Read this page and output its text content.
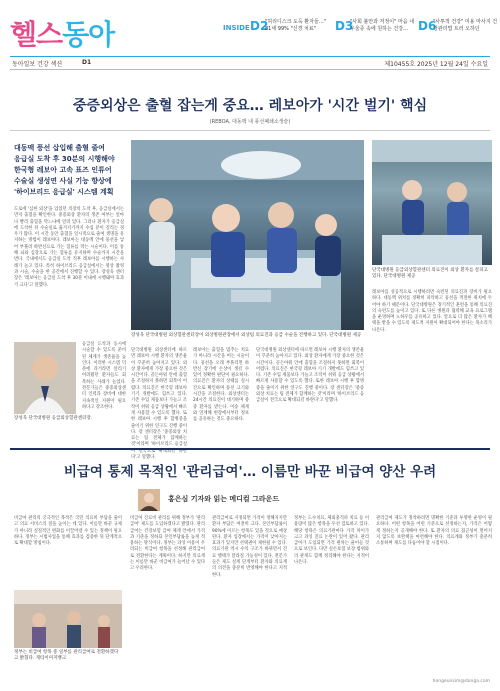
헬스동아	INSIDE D2
"허리디스크 도둑 환자들…" 81세 99% "신경 치료"	D3
"사회 불안과 걱정이" 마음 내 우울증 속에 원하는 건강… D6
"사투적 건강" 미용 마사지 건강관리법 트러 오하던
동아일보 건강 섹션	D1	제10455호 2025년 12월 24일 수요일
중증외상은 출혈 잡는게 중요… 레보아가 '시간 벌기' 핵심
(REBOA, 대동맥 내 풍선폐쇄소생술)
대동맥 풍선 삽입해 출혈 줄여
응급실 도착 후 30분의 시행해야
한국형 레보아 고속 표즈 인튜어
수술실 생성연 사실 기능 향상에
'하이브리드 응급실' 시스템 계획
도로에 '심한 외상'을 입었던 의장의 도착 후, 응급실에서는 먼저 출혈을 확인한다. 중증외상 환자의 생존 여부는 얼마나 빨리 출혈을 막느냐에 달려 있다. 그러나 환자가 응급실에 도착한 뒤 수술실로 옮겨지기까지 수십 분이 걸리는 경우가 많다. 이 시간 동안 출혈을 일시적으로 줄여 생명을 유지하는 방법이 레보아다. 레보아는 대동맥 안에 풍선을 넣어 부풀려 하반신으로 가는 혈류를 막는 시술이다. 이를 통해 뇌와 심장으로 가는 혈류를 유지하며 수술까지 시간을 번다. 국내에서도 응급실 도착 직후 레보아를 시행하는 사례가 늘고 있다. 특히 하이브리드 응급실에서는 영상 촬영과 시술, 수술을 한 공간에서 진행할 수 있다. 장성욱 센터장은 '레보아는 응급실 도착 후 30분 이내에 시행돼야 효과가 크다'고 말했다.
장성욱 단국대병원 외상혈관센터장이 외상병원관장에서 외상팀 의료진과 응급 수술을 진행하고 있다. 단국대병원 제공
단국대병원 응급외상혈관센터 의료진이 외상 환자를 살피고 있다. 단국대병원 제공
장성욱 단국대병원 응급외상혈관센터장.
응급실 도착과 동시에 시술할 수 있도록 준비된 체계가 생존율을 높인다. 이러한 시스템 덕분에 과거라면 살리기 어려웠던 환자들도 회복하는 사례가 늘었다. 전문가들은 중증외상센터 인력과 장비에 대한 지속적인 지원이 필요하다고 강조한다.
단국대병원 외상센터에 따르면 레보아 시행 환자의 생존율이 꾸준히 높아지고 있다. 외상 환자에게 가장 중요한 것은 시간이다. 골든아워 안에 출혈을 조절하지 못하면 회복이 어렵다. 의료진은 한국형 레보아 기기 개발에도 힘쓰고 있다. 기존 수입 제품보다 가늘고 조작이 쉬워 응급 상황에서 빠르게 사용할 수 있도록 했다. 또한 레보아 시행 후 합병증을 줄이기 위한 연구도 진행 중이다. 장 센터장은 '중증외상 치료는 팀 전체가 함께하는 것'이라며 '하이브리드 응급실이 전국으로 확대되길 바란다'고 말했다.
레보아는 출혈을 멈추는 치료가 아니라 시간을 버는 시술이다. 풍선을 오래 부풀리면 하반신 장기에 손상이 생길 수 있어 정확한 판단이 필요하다. 의료진은 환자의 상태를 실시간으로 확인하며 풍선 크기와 시간을 조절한다. 외상센터는 24시간 의료진이 대기하며 중증 환자를 받는다. 이송 체계와 연계해 현장에서부터 정보를 공유하는 것도 중요하다.
단국대병원 외상센터에 따르면 레보아 시행 환자의 생존율이 꾸준히 높아지고 있다. 외상 환자에게 가장 중요한 것은 시간이다. 골든아워 안에 출혈을 조절하지 못하면 회복이 어렵다. 의료진은 한국형 레보아 기기 개발에도 힘쓰고 있다. 기존 수입 제품보다 가늘고 조작이 쉬워 응급 상황에서 빠르게 사용할 수 있도록 했다. 또한 레보아 시행 후 합병증을 줄이기 위한 연구도 진행 중이다. 장 센터장은 '중증외상 치료는 팀 전체가 함께하는 것'이라며 '하이브리드 응급실이 전국으로 확대되길 바란다'고 말했다.
레보아를 성공적으로 시행하려면 숙련된 의료진과 장비가 필요하다. 대동맥 위치를 정확히 파악하고 풍선을 적절한 위치에 두어야 하기 때문이다. 단국대병원은 정기적인 훈련을 통해 의료진의 숙련도를 높이고 있다. 또 다른 병원과 협력해 교육 프로그램을 운영하며 노하우를 공유하고 있다. 앞으로 더 많은 환자가 혜택을 받을 수 있도록 제도적 지원이 확대되어야 한다는 목소리가 나온다.
비급여 통제 목적인 '관리급여'… 이름만 바꾼 비급여 양산 우려
홍은심 기자와 읽는 메디컬 그라운드
비급여 진료비 관리를 위해 정부가 '관리급여' 제도를 도입하겠다고 밝혔다. 관리급여는 건강보험 급여 체계 안에서 가격과 기준을 정하되 본인부담률을 높게 적용하는 방식이다. 정부는 과잉 이용이 우려되는 비급여 항목을 선정해 관리급여로 전환한다는 계획이다. 하지만 의료계는 이름만 바꾼 비급여가 늘어날 수 있다고 우려한다.
관리급여로 지정되면 가격이 정해지지만 환자 부담은 여전히 크다. 본인부담률이 90%에 이르는 항목도 있을 것으로 예상된다. 환자 입장에서는 가격이 낮아지는 효과가 있지만 선택권이 제한될 수 있다. 의료기관 역시 수익 구조가 바뀌면서 진료 행태가 달라질 가능성이 있다. 전문가들은 제도 설계 단계부터 환자와 의료계의 의견을 충분히 반영해야 한다고 지적한다.
정부는 도수치료, 체외충격파 치료 등 이용량이 많은 항목을 우선 검토하고 있다. 해당 항목은 의료기관마다 가격 차이가 크고 과잉 진료 논란이 있어 왔다. 관리급여가 도입되면 가격 편차는 줄어들 것으로 보인다. 다만 실손보험 보장 범위와의 관계도 함께 정리해야 한다는 지적이 나온다.
관리급여 제도가 정착하려면 명확한 기준과 투명한 운영이 필요하다. 어떤 항목을 어떤 기준으로 선정하는지, 가격은 어떻게 정하는지 공개해야 한다. 또 환자의 의료 접근성이 떨어지지 않도록 보완책을 마련해야 한다. 의료계와 정부가 충분히 소통하며 제도를 다듬어야 할 시점이다.
비급여 관리의 궁극적인 목적은 국민 의료비 부담을 줄이고 의료 서비스의 질을 높이는 데 있다. 이름만 바꾼 규제가 아니라 실질적인 변화를 이끌어낼 수 있는 정책이 필요하다. 정부는 시범사업을 통해 효과를 검증한 뒤 단계적으로 확대할 방침이다.
정부는 비급여 항목 중 일부를 관리급여로 전환하겠다고 밝혔다. 게티이미지뱅크
hongeunsim@donga.com
